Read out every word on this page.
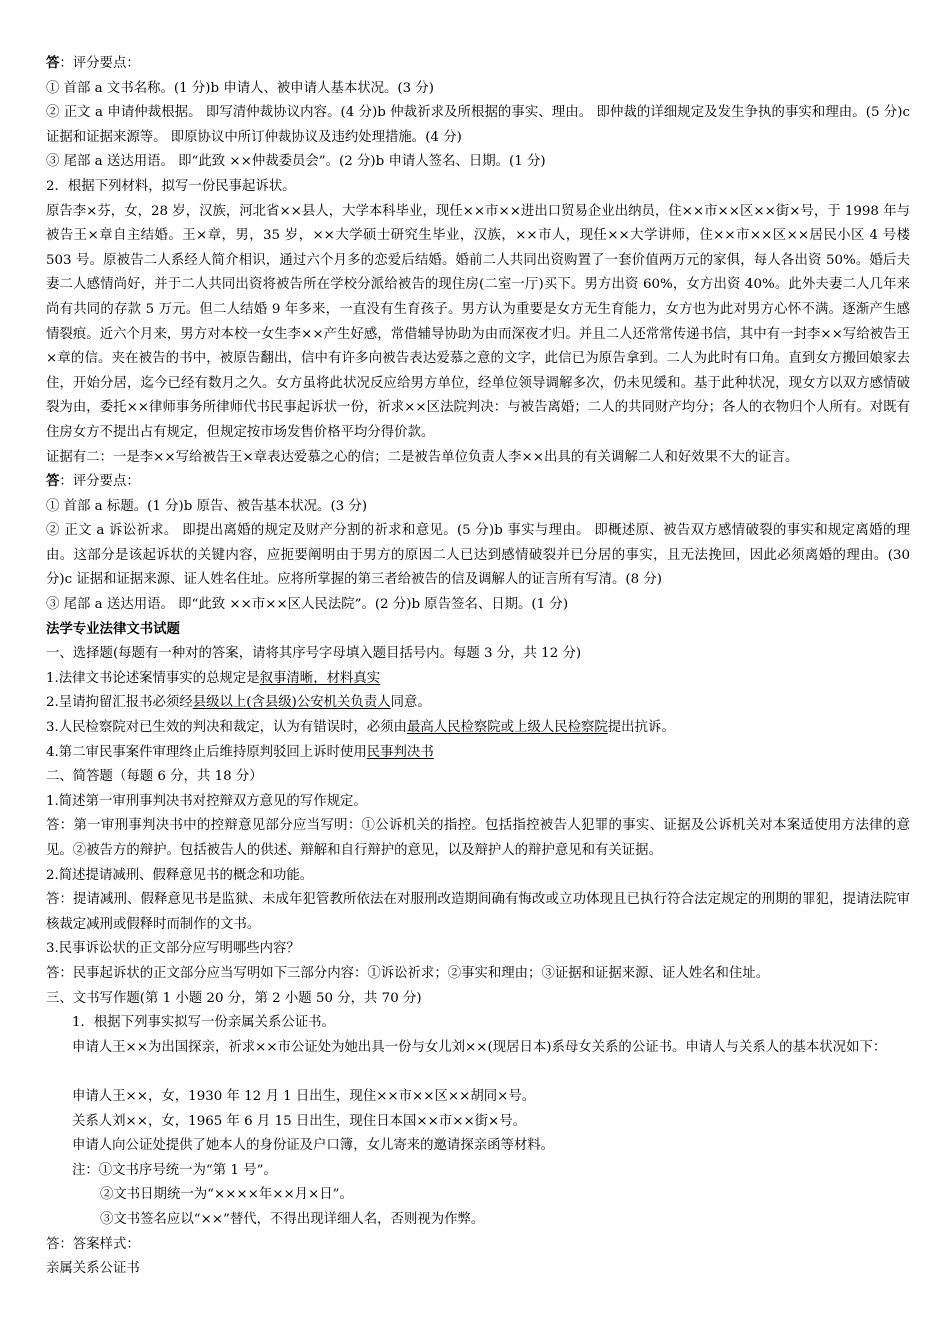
答：评分要点：
① 首部 a 文书名称。(1 分)b 申请人、被申请人基本状况。(3 分)
② 正文 a 申请仲裁根据。 即写清仲裁协议内容。(4 分)b 仲裁祈求及所根据的事实、理由。 即仲裁的详细规定及发生争执的事实和理由。(5 分)c 证据和证据来源等。 即原协议中所订仲裁协议及违约处理措施。(4 分)
③ 尾部 a 送达用语。 即“此致 ××仲裁委员会”。(2 分)b 申请人签名、日期。(1 分)
2．根据下列材料，拟写一份民事起诉状。
原告李×芬，女，28 岁，汉族，河北省××县人，大学本科毕业，现任××市××进出口贸易企业出纳员，住××市××区××街×号，于 1998 年与被告王×章自主结婚。王×章，男，35 岁，××大学硕士研究生毕业，汉族，××市人，现任××大学讲师，住××市××区××居民小区 4 号楼 503 号。原被告二人系经人简介相识，通过六个月多的恋爱后结婚。婚前二人共同出资购置了一套价值两万元的家俱，每人各出资 50%。婚后夫妻二人感情尚好，并于二人共同出资将被告所在学校分派给被告的现住房(二室一厅)买下。男方出资 60%，女方出资 40%。此外夫妻二人几年来尚有共同的存款 5 万元。但二人结婚 9 年多来，一直没有生育孩子。男方认为重要是女方无生育能力，女方也为此对男方心怀不满。逐渐产生感情裂痕。近六个月来，男方对本校一女生李××产生好感，常借辅导协助为由而深夜才归。并且二人还常常传递书信，其中有一封李××写给被告王×章的信。夹在被告的书中，被原告翻出，信中有许多向被告表达爱慕之意的文字，此信已为原告拿到。二人为此时有口角。直到女方搬回娘家去住，开始分居，迄今已经有数月之久。女方虽将此状况反应给男方单位，经单位领导调解多次，仍未见缓和。基于此种状况，现女方以双方感情破裂为由，委托××律师事务所律师代书民事起诉状一份，祈求××区法院判决：与被告离婚；二人的共同财产均分；各人的衣物归个人所有。对既有住房女方不提出占有规定，但规定按市场发售价格平均分得价款。
证据有二：一是李××写给被告王×章表达爱慕之心的信；二是被告单位负责人李××出具的有关调解二人和好效果不大的证言。
答：评分要点：
① 首部 a 标题。(1 分)b 原告、被告基本状况。(3 分)
② 正文 a 诉讼祈求。 即提出离婚的规定及财产分割的祈求和意见。(5 分)b 事实与理由。 即概述原、被告双方感情破裂的事实和规定离婚的理由。这部分是该起诉状的关键内容，应扼要阐明由于男方的原因二人已达到感情破裂并已分居的事实，且无法挽回，因此必须离婚的理由。(30 分)c 证据和证据来源、证人姓名住址。应将所掌握的第三者给被告的信及调解人的证言所有写清。(8 分)
③ 尾部 a 送达用语。 即“此致 ××市××区人民法院”。(2 分)b 原告签名、日期。(1 分)
法学专业法律文书试题
一、选择题(每题有一种对的答案，请将其序号字母填入题目括号内。每题 3 分，共 12 分)
1.法律文书论述案情事实的总规定是叙事清晰，材料真实
2.呈请拘留汇报书必须经县级以上(含县级)公安机关负责人同意。
3.人民检察院对已生效的判决和裁定，认为有错误时，必须由最高人民检察院或上级人民检察院提出抗诉。
4.第二审民事案件审理终止后维持原判驳回上诉时使用民事判决书
二、简答题（每题 6 分，共 18 分）
1.简述第一审刑事判决书对控辩双方意见的写作规定。
答：第一审刑事判决书中的控辩意见部分应当写明：①公诉机关的指控。包括指控被告人犯罪的事实、证据及公诉机关对本案适使用方法律的意见。②被告方的辩护。包括被告人的供述、辩解和自行辩护的意见，以及辩护人的辩护意见和有关证据。
2.简述提请减刑、假释意见书的概念和功能。
答：提请减刑、假释意见书是监狱、未成年犯管教所依法在对服刑改造期间确有悔改或立功体现且已执行符合法定规定的刑期的罪犯，提请法院审核裁定减刑或假释时而制作的文书。
3.民事诉讼状的正文部分应写明哪些内容？
答：民事起诉状的正文部分应当写明如下三部分内容：①诉讼祈求；②事实和理由；③证据和证据来源、证人姓名和住址。
三、文书写作题(第 1 小题 20 分，第 2 小题 50 分，共 70 分)
1．根据下列事实拟写一份亲属关系公证书。
申请人王××为出国探亲，祈求××市公证处为她出具一份与女儿刘××(现居日本)系母女关系的公证书。申请人与关系人的基本状况如下：
申请人王××，女，1930 年 12 月 1 日出生，现住××市××区××胡同×号。
关系人刘××，女，1965 年 6 月 15 日出生，现住日本国××市××街×号。
申请人向公证处提供了她本人的身份证及户口簿，女儿寄来的邀请探亲函等材料。
注：①文书序号统一为“第 1 号”。
②文书日期统一为“××××年××月×日”。
③文书签名应以“××”替代，不得出现详细人名，否则视为作弊。
答：答案样式：
亲属关系公证书
